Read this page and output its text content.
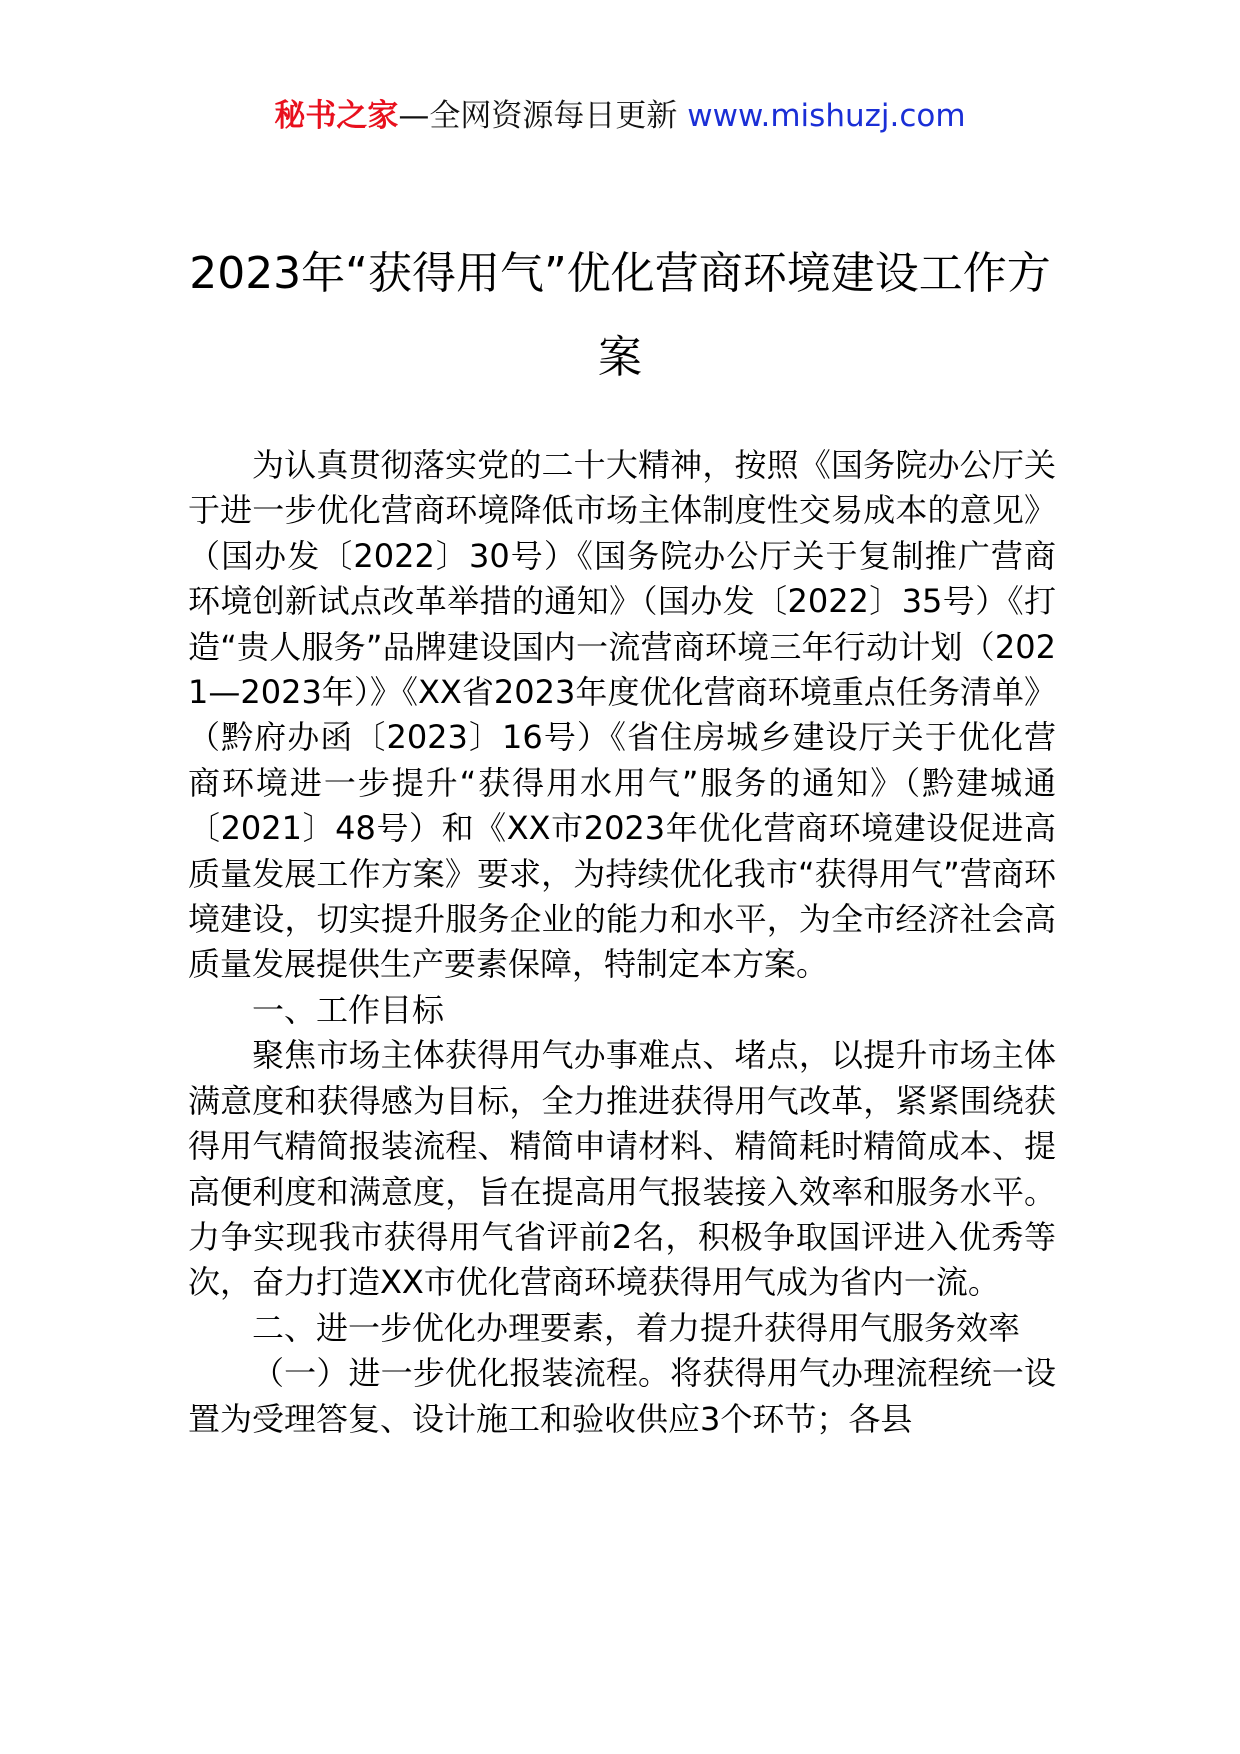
秘书之家—全网资源每日更新 www.mishuzj.com
2023年“获得用气”优化营商环境建设工作方案

为认真贯彻落实党的二十大精神，按照《国务院办公厅关于进一步优化营商环境降低市场主体制度性交易成本的意见》（国办发〔2022〕30号）《国务院办公厅关于复制推广营商环境创新试点改革举措的通知》（国办发〔2022〕35号）《打造“贵人服务”品牌建设国内一流营商环境三年行动计划（2021—2023年）》《XX省2023年度优化营商环境重点任务清单》（黔府办函〔2023〕16号）《省住房城乡建设厅关于优化营商环境进一步提升“获得用水用气”服务的通知》（黔建城通〔2021〕48号）和《XX市2023年优化营商环境建设促进高质量发展工作方案》要求，为持续优化我市“获得用气”营商环境建设，切实提升服务企业的能力和水平，为全市经济社会高质量发展提供生产要素保障，特制定本方案。

一、工作目标

聚焦市场主体获得用气办事难点、堵点，以提升市场主体满意度和获得感为目标，全力推进获得用气改革，紧紧围绕获得用气精简报装流程、精简申请材料、精简耗时精简成本、提高便利度和满意度，旨在提高用气报装接入效率和服务水平。力争实现我市获得用气省评前2名，积极争取国评进入优秀等次，奋力打造XX市优化营商环境获得用气成为省内一流。

二、进一步优化办理要素，着力提升获得用气服务效率

（一）进一步优化报装流程。将获得用气办理流程统一设置为受理答复、设计施工和验收供应3个环节；各县
